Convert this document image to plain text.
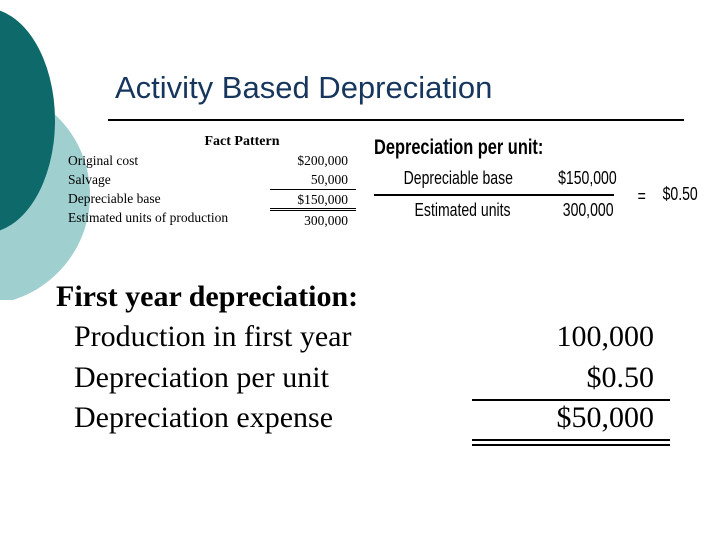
Activity Based Depreciation
Fact Pattern
Original cost	$200,000
Salvage	50,000
Depreciable base	$150,000
Estimated units of production	300,000
Depreciation per unit:
Depreciable base	$150,000
Estimated units	300,000
= $0.50
First year depreciation:
Production in first year	100,000
Depreciation per unit	$0.50
Depreciation expense	$50,000
